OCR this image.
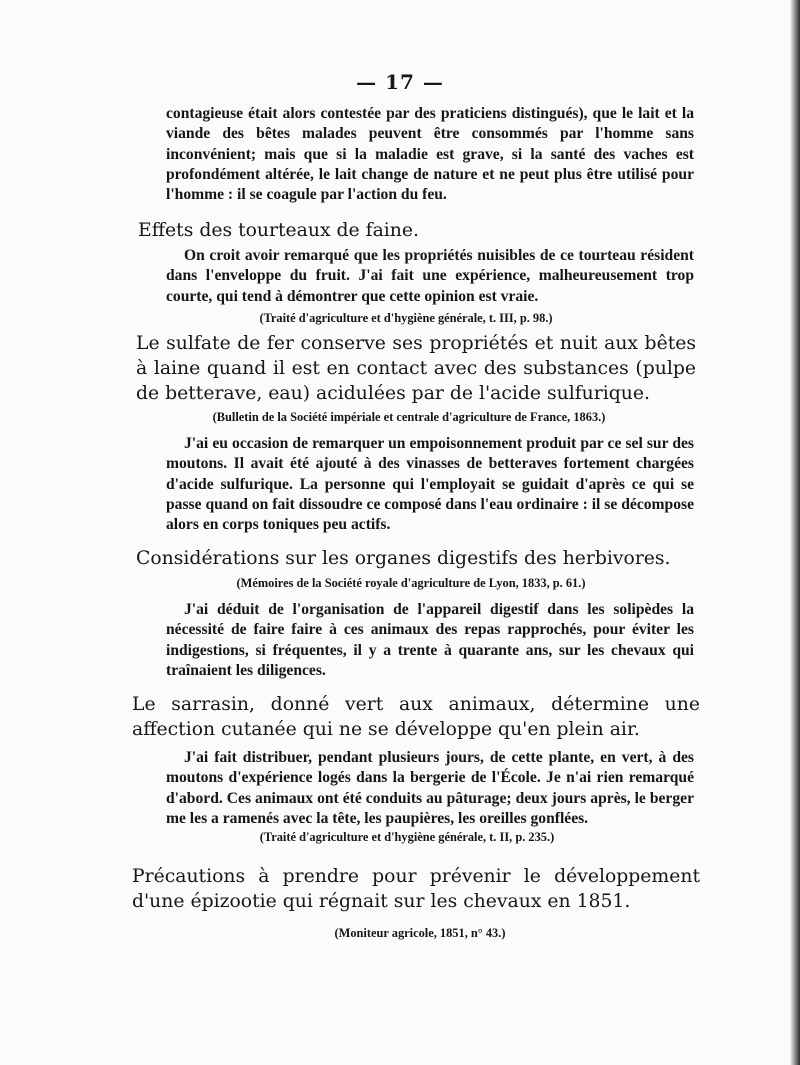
— 17 —

contagieuse était alors contestée par des praticiens distingués), que le lait et la viande des bêtes malades peuvent être consommés par l'homme sans inconvénient; mais que si la maladie est grave, si la santé des vaches est profondément altérée, le lait change de nature et ne peut plus être utilisé pour l'homme : il se coagule par l'action du feu.

Effets des tourteaux de faine.

On croit avoir remarqué que les propriétés nuisibles de ce tourteau résident dans l'enveloppe du fruit. J'ai fait une expérience, malheureusement trop courte, qui tend à démontrer que cette opinion est vraie.

(Traité d'agriculture et d'hygiène générale, t. III, p. 98.)
Le sulfate de fer conserve ses propriétés et nuit aux bêtes à laine quand il est en contact avec des substances (pulpe de betterave, eau) acidulées par de l'acide sulfurique.
(Bulletin de la Société impériale et centrale d'agriculture de France, 1863.)

J'ai eu occasion de remarquer un empoisonnement produit par ce sel sur des moutons. Il avait été ajouté à des vinasses de betteraves fortement chargées d'acide sulfurique. La personne qui l'employait se guidait d'après ce qui se passe quand on fait dissoudre ce composé dans l'eau ordinaire : il se décompose alors en corps toniques peu actifs.

Considérations sur les organes digestifs des herbivores.
(Mémoires de la Société royale d'agriculture de Lyon, 1833, p. 61.)

J'ai déduit de l'organisation de l'appareil digestif dans les solipèdes la nécessité de faire faire à ces animaux des repas rapprochés, pour éviter les indigestions, si fréquentes, il y a trente à quarante ans, sur les chevaux qui traînaient les diligences.

Le sarrasin, donné vert aux animaux, détermine une affection cutanée qui ne se développe qu'en plein air.

J'ai fait distribuer, pendant plusieurs jours, de cette plante, en vert, à des moutons d'expérience logés dans la bergerie de l'École. Je n'ai rien remarqué d'abord. Ces animaux ont été conduits au pâturage; deux jours après, le berger me les a ramenés avec la tête, les paupières, les oreilles gonflées.

(Traité d'agriculture et d'hygiène générale, t. II, p. 235.)
Précautions à prendre pour prévenir le développement d'une épizootie qui régnait sur les chevaux en 1851.
(Moniteur agricole, 1851, n° 43.)
